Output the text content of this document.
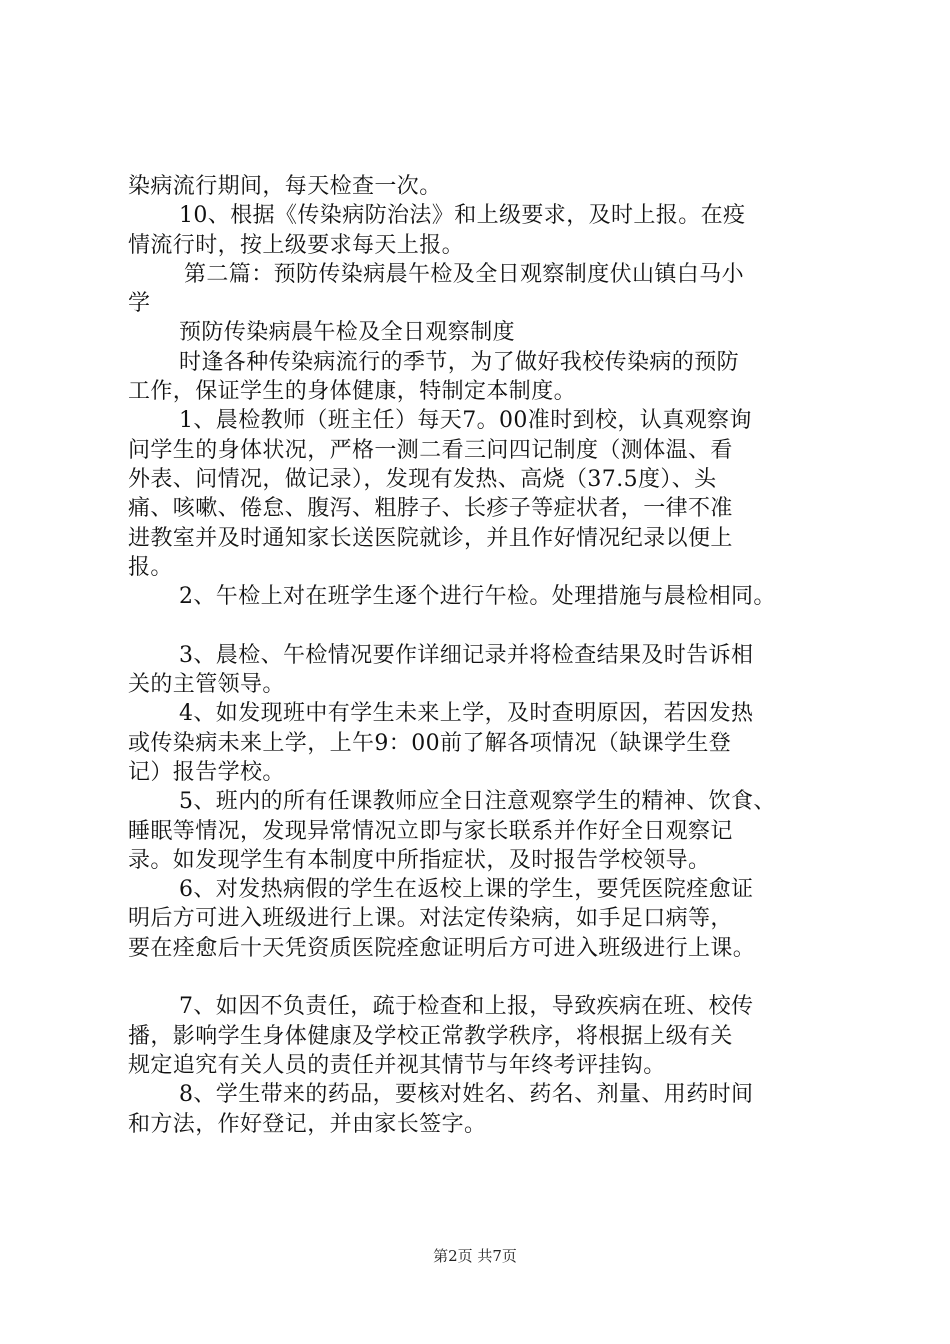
染病流行期间，每天检查一次。
10、根据《传染病防治法》和上级要求，及时上报。在疫
情流行时，按上级要求每天上报。
第二篇：预防传染病晨午检及全日观察制度伏山镇白马小
学
预防传染病晨午检及全日观察制度
时逢各种传染病流行的季节，为了做好我校传染病的预防
工作，保证学生的身体健康，特制定本制度。
1、晨检教师（班主任）每天7。00准时到校，认真观察询
问学生的身体状况，严格一测二看三问四记制度（测体温、看
外表、问情况，做记录），发现有发热、高烧（37.5度）、头
痛、咳嗽、倦怠、腹泻、粗脖子、长疹子等症状者，一律不准
进教室并及时通知家长送医院就诊，并且作好情况纪录以便上
报。
2、午检上对在班学生逐个进行午检。处理措施与晨检相同。
3、晨检、午检情况要作详细记录并将检查结果及时告诉相
关的主管领导。
4、如发现班中有学生未来上学，及时查明原因，若因发热
或传染病未来上学，上午9：00前了解各项情况（缺课学生登
记）报告学校。
5、班内的所有任课教师应全日注意观察学生的精神、饮食、
睡眠等情况，发现异常情况立即与家长联系并作好全日观察记
录。如发现学生有本制度中所指症状，及时报告学校领导。
6、对发热病假的学生在返校上课的学生，要凭医院痊愈证
明后方可进入班级进行上课。对法定传染病，如手足口病等，
要在痊愈后十天凭资质医院痊愈证明后方可进入班级进行上课。
7、如因不负责任，疏于检查和上报，导致疾病在班、校传
播，影响学生身体健康及学校正常教学秩序，将根据上级有关
规定追究有关人员的责任并视其情节与年终考评挂钩。
8、学生带来的药品，要核对姓名、药名、剂量、用药时间
和方法，作好登记，并由家长签字。
第2页 共7页
